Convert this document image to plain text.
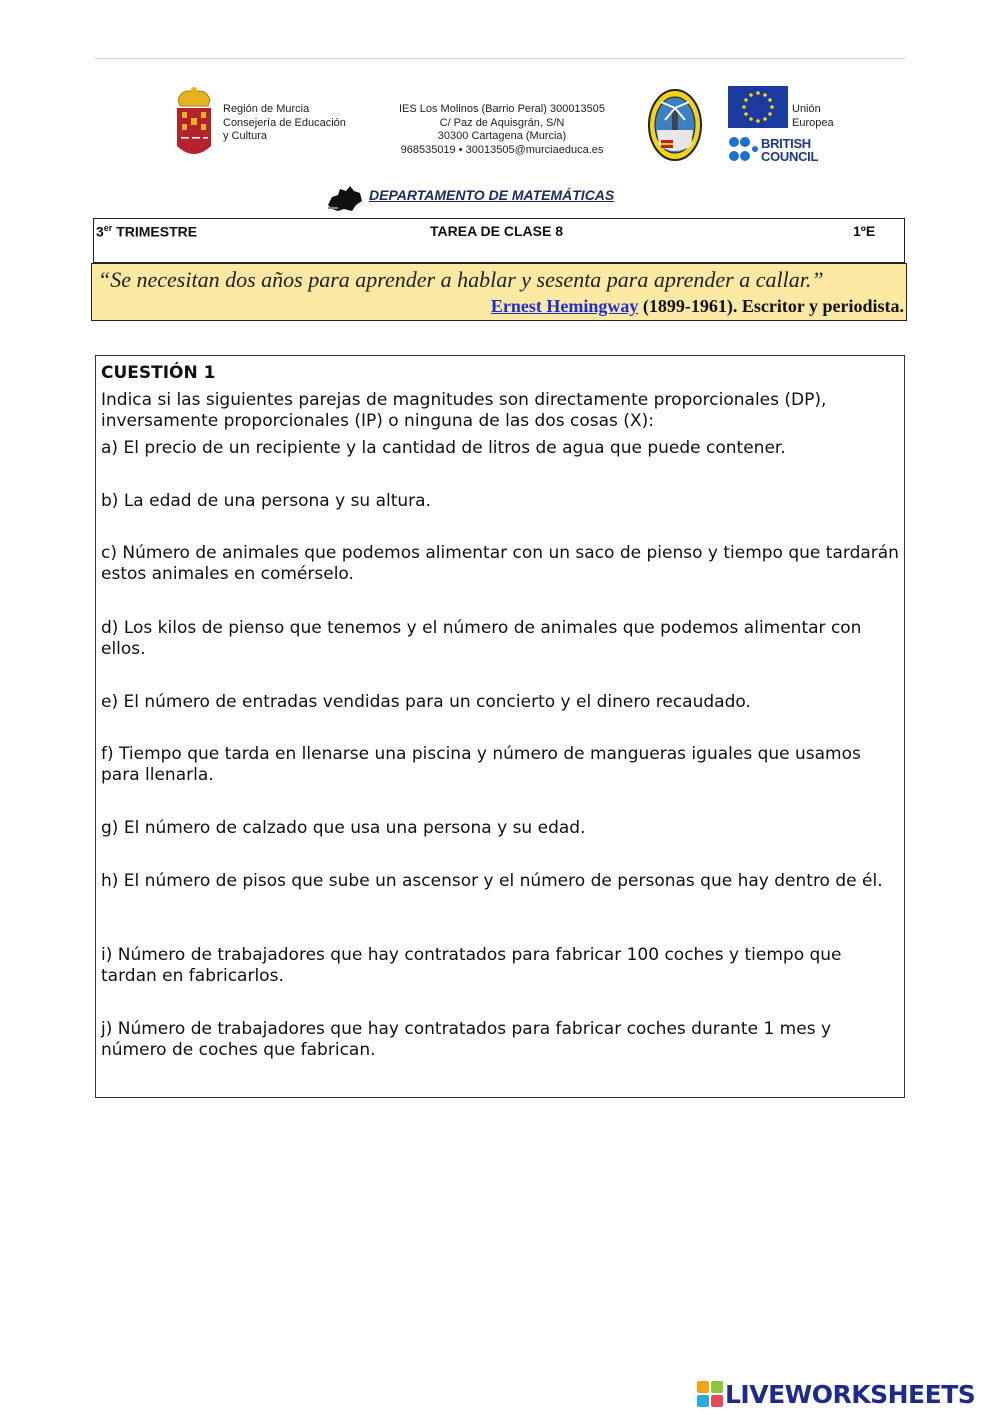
Región de Murcia
Consejería de Educación
y Cultura
IES Los Molinos (Barrio Peral) 300013505
C/ Paz de Aquisgrán, S/N
30300 Cartagena (Murcia)
968535019 • 30013505@murciaeduca.es
Unión
Europea
BRITISH
COUNCIL
DEPARTAMENTO DE MATEMÁTICAS
3er TRIMESTRE	TAREA DE CLASE 8	1ºE
“Se necesitan dos años para aprender a hablar y sesenta para aprender a callar.”
Ernest Hemingway (1899-1961). Escritor y periodista.
CUESTIÓN 1
Indica si las siguientes parejas de magnitudes son directamente proporcionales (DP), inversamente proporcionales (IP) o ninguna de las dos cosas (X):
a) El precio de un recipiente y la cantidad de litros de agua que puede contener.
b) La edad de una persona y su altura.
c) Número de animales que podemos alimentar con un saco de pienso y tiempo que tardarán estos animales en comérselo.
d) Los kilos de pienso que tenemos y el número de animales que podemos alimentar con ellos.
e) El número de entradas vendidas para un concierto y el dinero recaudado.
f) Tiempo que tarda en llenarse una piscina y número de mangueras iguales que usamos para llenarla.
g) El número de calzado que usa una persona y su edad.
h) El número de pisos que sube un ascensor y el número de personas que hay dentro de él.
i) Número de trabajadores que hay contratados para fabricar 100 coches y tiempo que tardan en fabricarlos.
j) Número de trabajadores que hay contratados para fabricar coches durante 1 mes y número de coches que fabrican.
LIVEWORKSHEETS
